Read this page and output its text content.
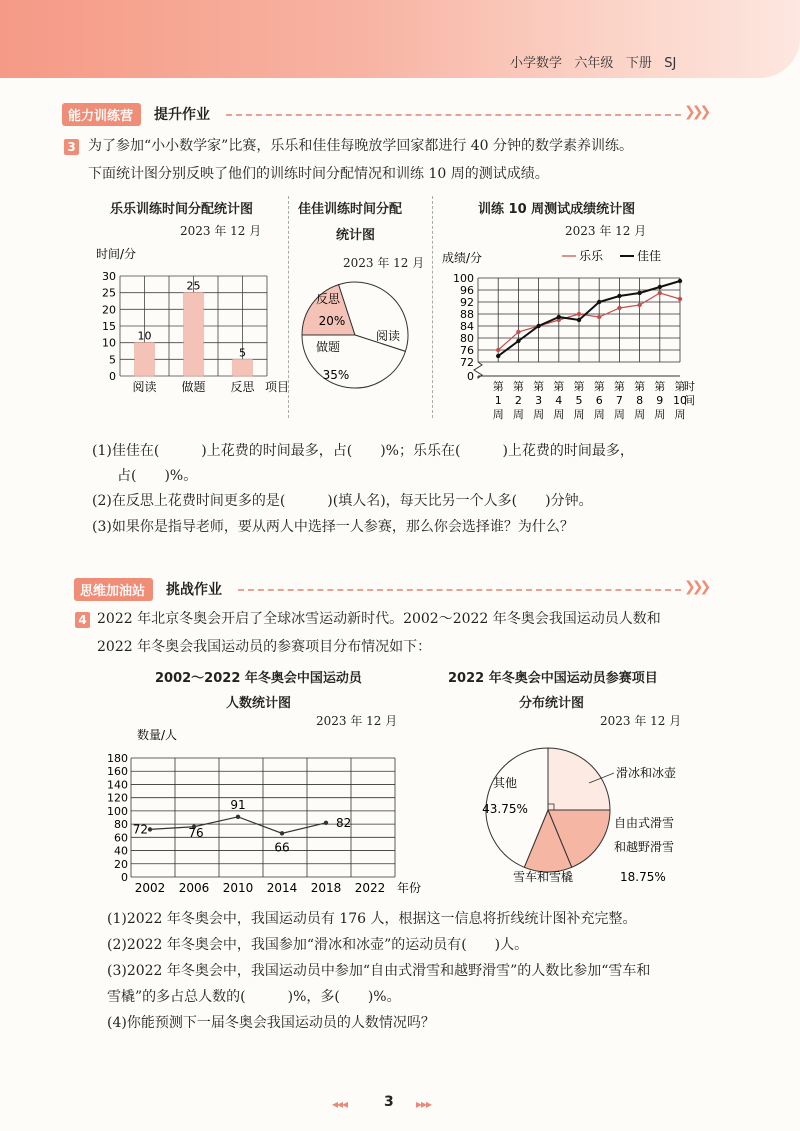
小学数学 六年级 下册 SJ
能力训练营	提升作业	❯❯❯
3 为了参加“小小数学家”比赛，乐乐和佳佳每晚放学回家都进行 40 分钟的数学素养训练。
下面统计图分别反映了他们的训练时间分配情况和训练 10 周的测试成绩。
乐乐训练时间分配统计图
2023 年 12 月
时间/分
0
5
10
15
20
25
30
10
阅读
25
做题
5
反思 项目
佳佳训练时间分配
统计图
2023 年 12 月
反思
20%
做题
35%
阅读
训练 10 周测试成绩统计图
2023 年 12 月
成绩/分
72
76
80
84
88
92
96
100
0
第
1
周
第
2
周
第
3
周
第
4
周
第
5
周
第
6
周
第
7
周
第
8
周
第
9
周
第
10
周
时
间
乐乐	佳佳
(1)佳佳在(　　　)上花费的时间最多，占(　　)%；乐乐在(　　　)上花费的时间最多，
占(　　)%。
(2)在反思上花费时间更多的是(　　　)(填人名)，每天比另一个人多(　　)分钟。
(3)如果你是指导老师，要从两人中选择一人参赛，那么你会选择谁？为什么？
思维加油站	挑战作业	❯❯❯
4 2022 年北京冬奥会开启了全球冰雪运动新时代。2002～2022 年冬奥会我国运动员人数和
2022 年冬奥会我国运动员的参赛项目分布情况如下：
2002～2022 年冬奥会中国运动员
人数统计图
2023 年 12 月
数量/人
0
20
40
60
80
100
120
140
160
180
2002 2006 2010 2014 2018 2022 年份
72	76
91
66
82
2022 年冬奥会中国运动员参赛项目
分布统计图
2023 年 12 月
滑冰和冰壶
自由式滑雪
和越野滑雪
18.75%
雪车和雪橇
其他
43.75%
(1)2022 年冬奥会中，我国运动员有 176 人，根据这一信息将折线统计图补充完整。
(2)2022 年冬奥会中，我国参加“滑冰和冰壶”的运动员有(　　)人。
(3)2022 年冬奥会中，我国运动员中参加“自由式滑雪和越野滑雪”的人数比参加“雪车和
雪橇”的多占总人数的(　　　)%，多(　　)%。
(4)你能预测下一届冬奥会我国运动员的人数情况吗？
◂◂◂	3 ▸▸▸
